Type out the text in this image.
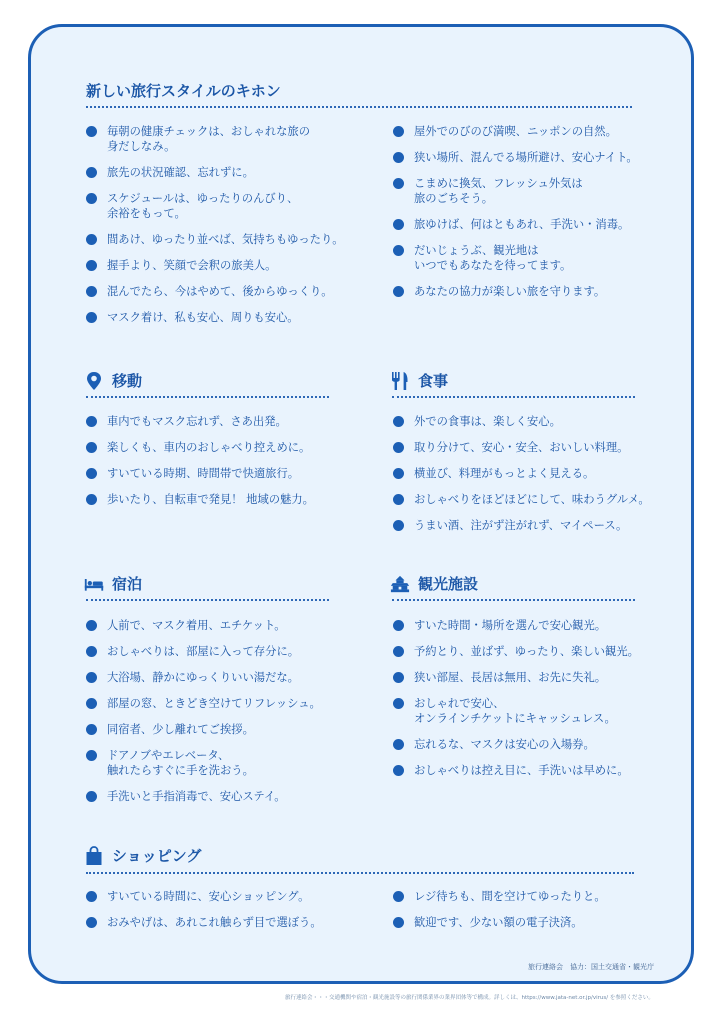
新しい旅行スタイルのキホン
毎朝の健康チェックは、おしゃれな旅の
身だしなみ。
旅先の状況確認、忘れずに。
スケジュールは、ゆったりのんびり、
余裕をもって。
間あけ、ゆったり並べば、気持ちもゆったり。
握手より、笑顔で会釈の旅美人。
混んでたら、今はやめて、後からゆっくり。
マスク着け、私も安心、周りも安心。
屋外でのびのび満喫、ニッポンの自然。
狭い場所、混んでる場所避け、安心ナイト。
こまめに換気、フレッシュ外気は
旅のごちそう。
旅ゆけば、何はともあれ、手洗い・消毒。
だいじょうぶ、観光地は
いつでもあなたを待ってます。
あなたの協力が楽しい旅を守ります。
移動
車内でもマスク忘れず、さあ出発。
楽しくも、車内のおしゃべり控えめに。
すいている時期、時間帯で快適旅行。
歩いたり、自転車で発見！ 地域の魅力。
食事
外での食事は、楽しく安心。
取り分けて、安心・安全、おいしい料理。
横並び、料理がもっとよく見える。
おしゃべりをほどほどにして、味わうグルメ。
うまい酒、注がず注がれず、マイペース。
宿泊
人前で、マスク着用、エチケット。
おしゃべりは、部屋に入って存分に。
大浴場、静かにゆっくりいい湯だな。
部屋の窓、ときどき空けてリフレッシュ。
同宿者、少し離れてご挨拶。
ドアノブやエレベータ、
触れたらすぐに手を洗おう。
手洗いと手指消毒で、安心ステイ。
観光施設
すいた時間・場所を選んで安心観光。
予約とり、並ばず、ゆったり、楽しい観光。
狭い部屋、長居は無用、お先に失礼。
おしゃれで安心、
オンラインチケットにキャッシュレス。
忘れるな、マスクは安心の入場券。
おしゃべりは控え目に、手洗いは早めに。
ショッピング
すいている時間に、安心ショッピング。
おみやげは、あれこれ触らず目で選ぼう。
レジ待ちも、間を空けてゆったりと。
歓迎です、少ない額の電子決済。
旅行連絡会　協力：国土交通省・観光庁
旅行連絡会・・・交通機関や宿泊・観光施設等の旅行関係業界の業界団体等で構成。詳しくは、https://www.jata-net.or.jp/virus/ を参照ください。
